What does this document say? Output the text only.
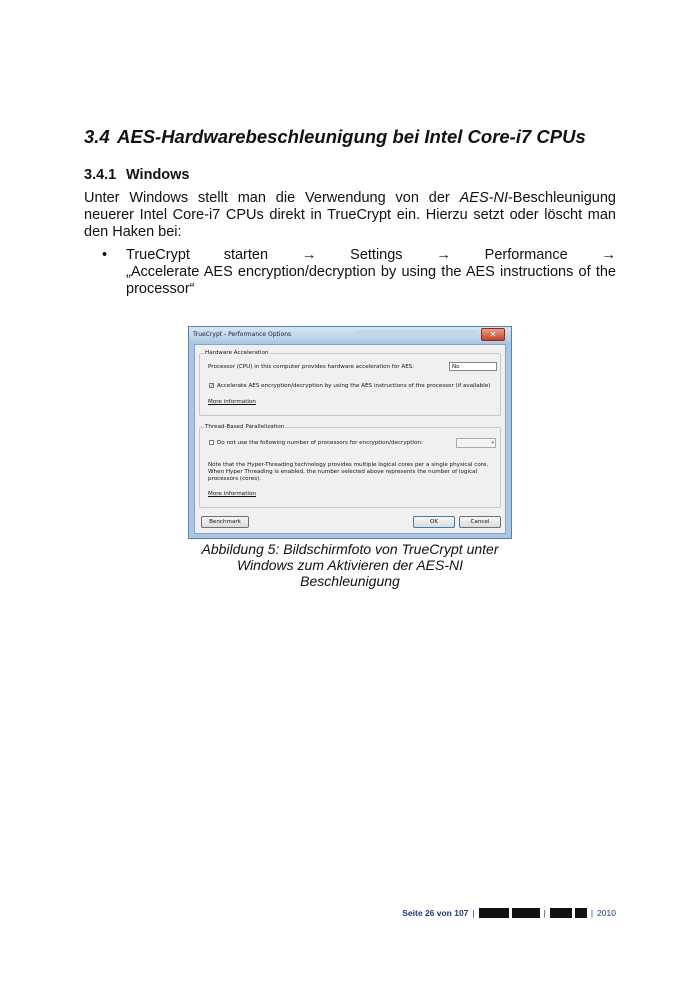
3.4 AES-Hardwarebeschleunigung bei Intel Core-i7 CPUs
3.4.1 Windows

Unter Windows stellt man die Verwendung von der AES-NI-Beschleunigung neuerer Intel Core-i7 CPUs direkt in TrueCrypt ein. Hierzu setzt oder löscht man den Haken bei:

• TrueCrypt starten → Settings → Performance →

„Accelerate AES encryption/decryption by using the AES instructions of the processor“

TrueCrypt - Performance Options	✕
Hardware Acceleration
Processor (CPU) in this computer provides hardware acceleration for AES:	No
✓ Accelerate AES encryption/decryption by using the AES instructions of the processor (if available)
More information
Thread-Based Parallelization
Do not use the following number of processors for encryption/decryption:	▾
Note that the Hyper-Threading technology provides multiple logical cores per a single physical core.
When Hyper Threading is enabled, the number selected above represents the number of logical
processors (cores).
More information
Benchmark	OK	Cancel

Abbildung 5: Bildschirmfoto von TrueCrypt unter
Windows zum Aktivieren der AES-NI
Beschleunigung

Seite 26 von 107 |	|	| 2010
